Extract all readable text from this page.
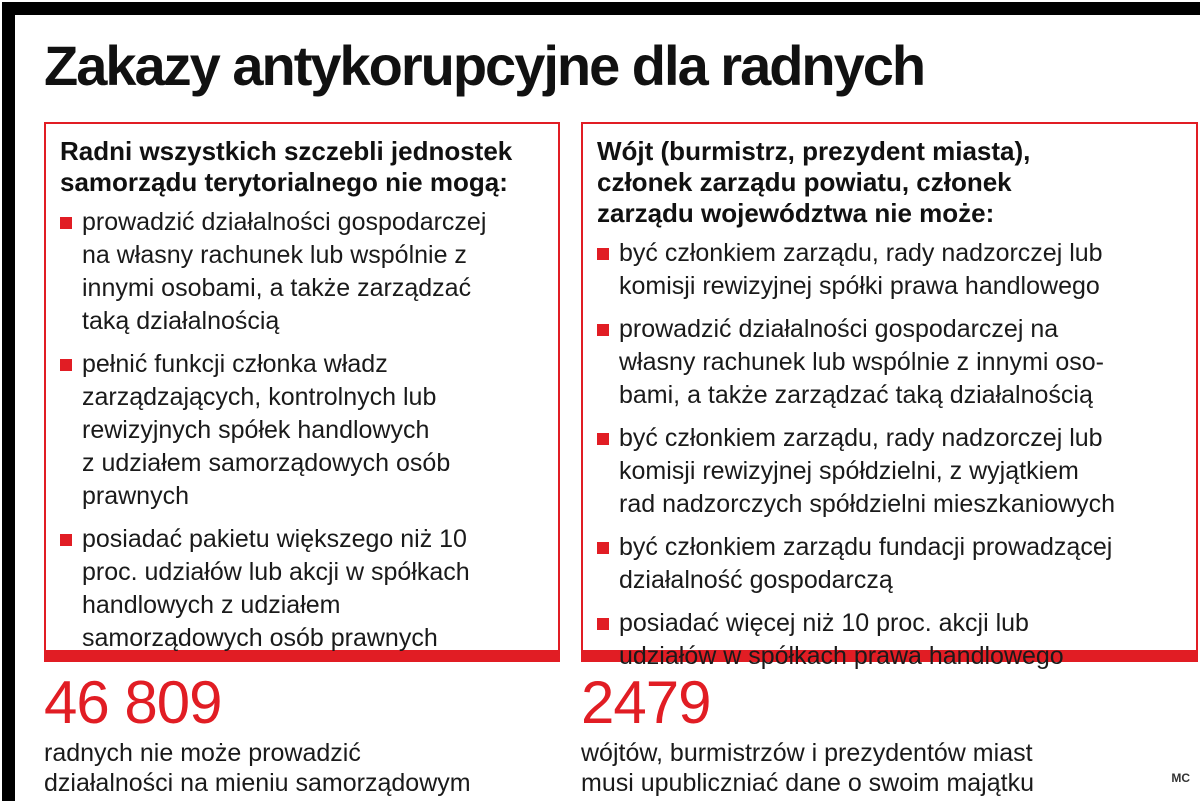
Zakazy antykorupcyjne dla radnych
Radni wszystkich szczebli jednostek
samorządu terytorialnego nie mogą:
prowadzić działalności gospodarczej
na własny rachunek lub wspólnie z
innymi osobami, a także zarządzać
taką działalnością
pełnić funkcji członka władz
zarządzających, kontrolnych lub
rewizyjnych spółek handlowych
z udziałem samorządowych osób
prawnych
posiadać pakietu większego niż 10
proc. udziałów lub akcji w spółkach
handlowych z udziałem
samorządowych osób prawnych
Wójt (burmistrz, prezydent miasta),
członek zarządu powiatu, członek
zarządu województwa nie może:
być członkiem zarządu, rady nadzorczej lub
komisji rewizyjnej spółki prawa handlowego
prowadzić działalności gospodarczej na
własny rachunek lub wspólnie z innymi oso-
bami, a także zarządzać taką działalnością
być członkiem zarządu, rady nadzorczej lub
komisji rewizyjnej spółdzielni, z wyjątkiem
rad nadzorczych spółdzielni mieszkaniowych
być członkiem zarządu fundacji prowadzącej
działalność gospodarczą
posiadać więcej niż 10 proc. akcji lub
udziałów w spółkach prawa handlowego
46 809
radnych nie może prowadzić
działalności na mieniu samorządowym
2479
wójtów, burmistrzów i prezydentów miast
musi upubliczniać dane o swoim majątku	MC
